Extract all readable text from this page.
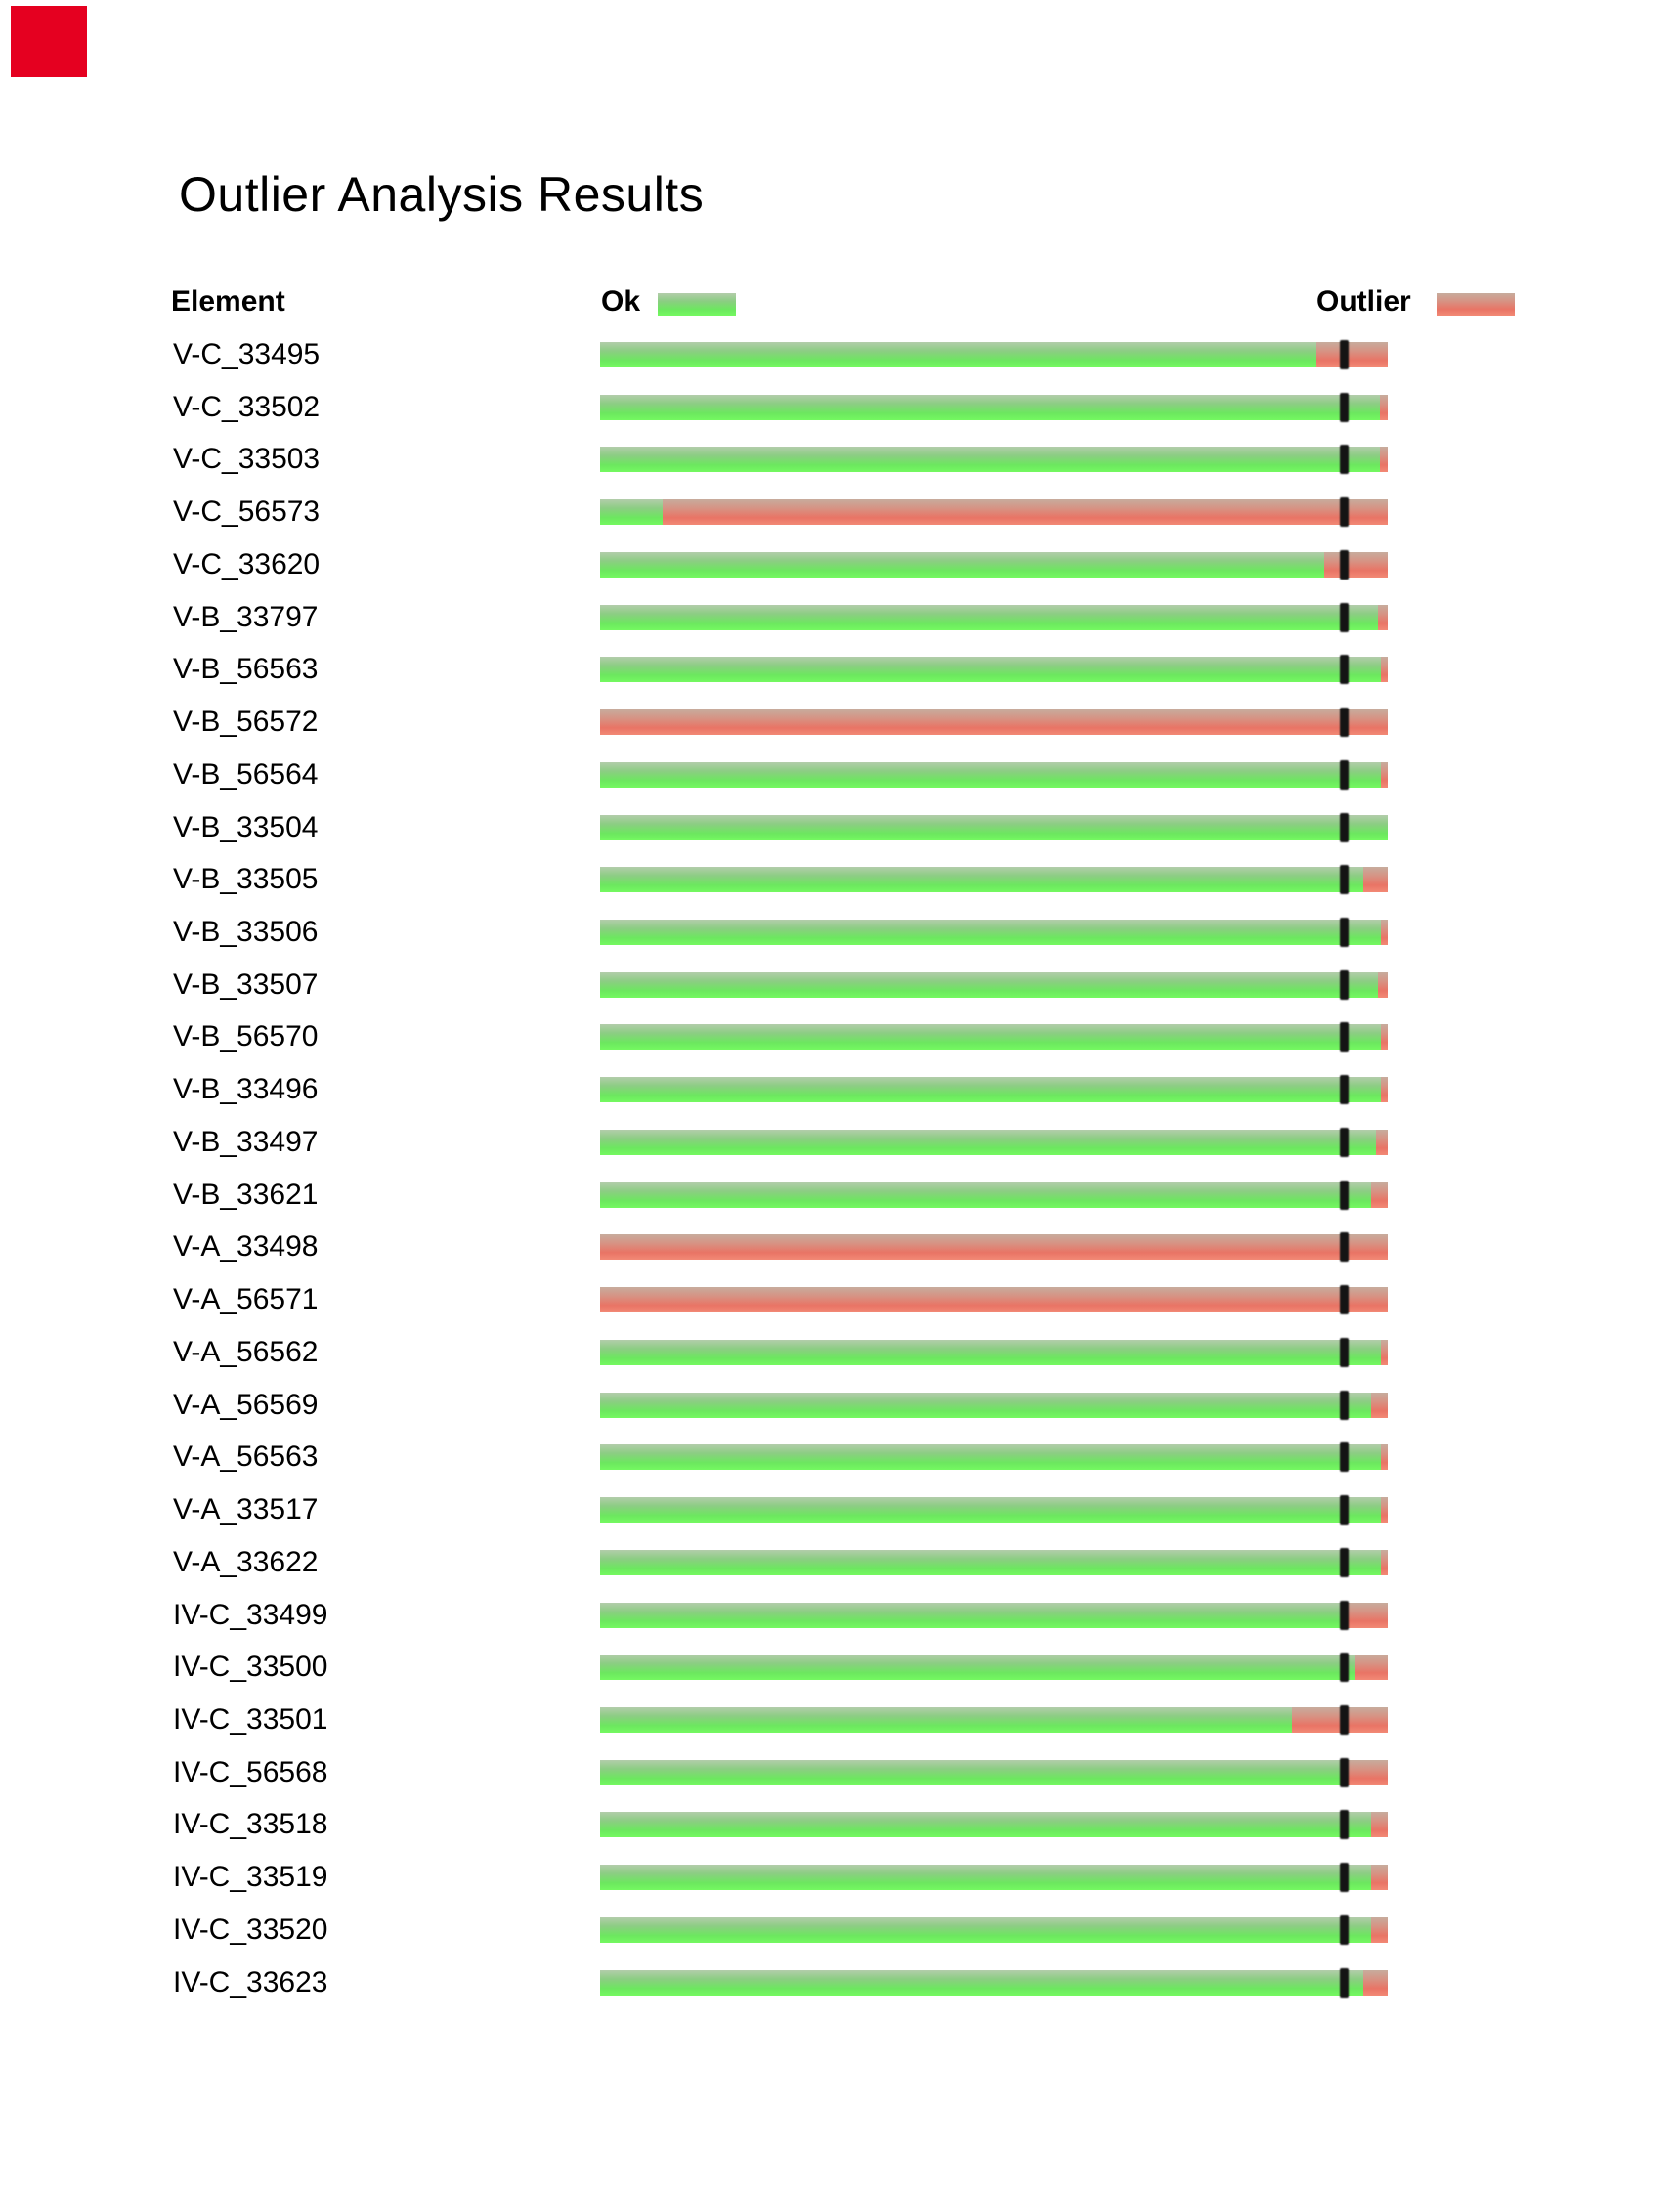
Outlier Analysis Results
Element	Ok	Outlier
V-C_33495
V-C_33502
V-C_33503
V-C_56573
V-C_33620
V-B_33797
V-B_56563
V-B_56572
V-B_56564
V-B_33504
V-B_33505
V-B_33506
V-B_33507
V-B_56570
V-B_33496
V-B_33497
V-B_33621
V-A_33498
V-A_56571
V-A_56562
V-A_56569
V-A_56563
V-A_33517
V-A_33622
IV-C_33499
IV-C_33500
IV-C_33501
IV-C_56568
IV-C_33518
IV-C_33519
IV-C_33520
IV-C_33623
